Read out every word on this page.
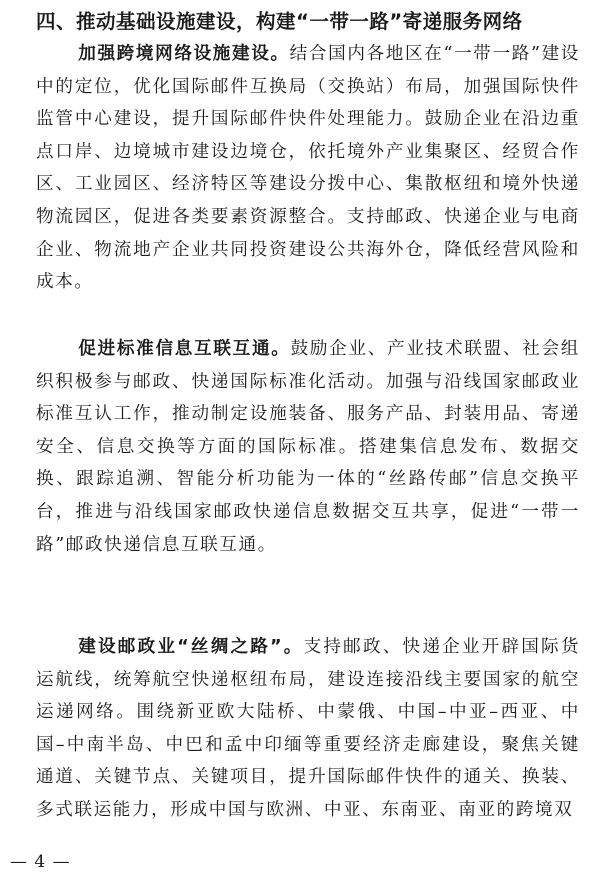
四、推动基础设施建设，构建“一带一路”寄递服务网络

加强跨境网络设施建设。结合国内各地区在“一带一路”建设中的定位，优化国际邮件互换局（交换站）布局，加强国际快件监管中心建设，提升国际邮件快件处理能力。鼓励企业在沿边重点口岸、边境城市建设边境仓，依托境外产业集聚区、经贸合作区、工业园区、经济特区等建设分拨中心、集散枢纽和境外快递物流园区，促进各类要素资源整合。支持邮政、快递企业与电商企业、物流地产企业共同投资建设公共海外仓，降低经营风险和成本。

促进标准信息互联互通。鼓励企业、产业技术联盟、社会组织积极参与邮政、快递国际标准化活动。加强与沿线国家邮政业标准互认工作，推动制定设施装备、服务产品、封装用品、寄递安全、信息交换等方面的国际标准。搭建集信息发布、数据交换、跟踪追溯、智能分析功能为一体的“丝路传邮”信息交换平台，推进与沿线国家邮政快递信息数据交互共享，促进“一带一路”邮政快递信息互联互通。

建设邮政业“丝绸之路”。支持邮政、快递企业开辟国际货运航线，统筹航空快递枢纽布局，建设连接沿线主要国家的航空运递网络。围绕新亚欧大陆桥、中蒙俄、中国–中亚–西亚、中国–中南半岛、中巴和孟中印缅等重要经济走廊建设，聚焦关键通道、关键节点、关键项目，提升国际邮件快件的通关、换装、多式联运能力，形成中国与欧洲、中亚、东南亚、南亚的跨境双

— 4 —
